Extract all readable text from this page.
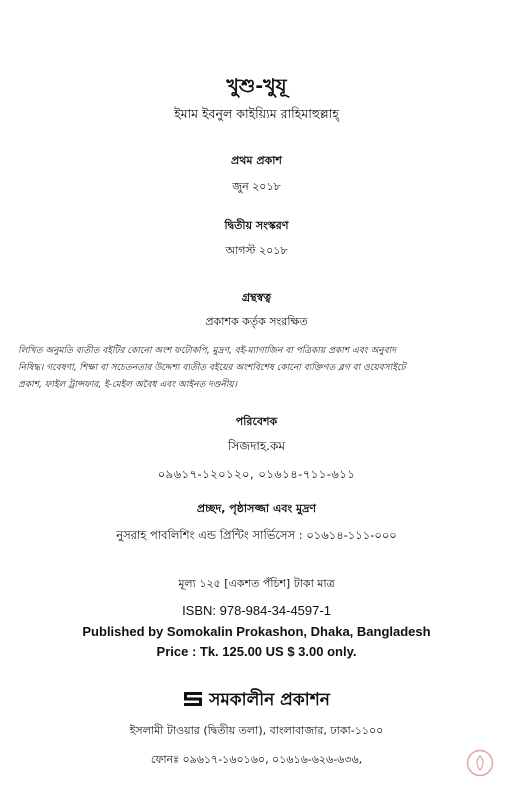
খুশু-খুযূ
ইমাম ইবনুল কাইয়্যিম রাহিমাহুল্লাহ্
প্রথম প্রকাশ
জুন ২০১৮
দ্বিতীয় সংস্করণ
আগস্ট ২০১৮
গ্রন্থস্বত্ব
প্রকাশক কর্তৃক সংরক্ষিত
লিখিত অনুমতি ব্যতীত বইটির কোনো অংশ ফটোকপি, মুদ্রণ, বই-ম্যাগাজিন বা পত্রিকায় প্রকাশ এবং অনুবাদ
নিষিদ্ধ। গবেষণা, শিক্ষা বা সচেতনতার উদ্দেশ্য ব্যতীত বইয়ের অংশবিশেষ কোনো ব্যক্তিগত ব্লগ বা ওয়েবসাইটে
প্রকাশ, ফাইল ট্রান্সফার, ই-মেইল অবৈধ এবং আইনত দণ্ডনীয়।
পরিবেশক
সিজদাহ.কম
০৯৬১৭-১২০১২০, ০১৬১৪-৭১১-৬১১
প্রচ্ছদ, পৃষ্ঠাসজ্জা এবং মুদ্রণ
নুসরাহ পাবলিশিং এন্ড প্রিন্টিং সার্ভিসেস : ০১৬১৪-১১১-০০০
মূল্য ১২৫ [একশত পঁচিশ] টাকা মাত্র
ISBN: 978-984-34-4597-1
Published by Somokalin Prokashon, Dhaka, Bangladesh
Price : Tk. 125.00 US $ 3.00 only.
সমকালীন প্রকাশন
ইসলামী টাওয়ার (দ্বিতীয় তলা), বাংলাবাজার, ঢাকা-১১০০
ফোনঃ ০৯৬১৭-১৬০১৬০, ০১৬১৬-৬২৬-৬৩৬,
